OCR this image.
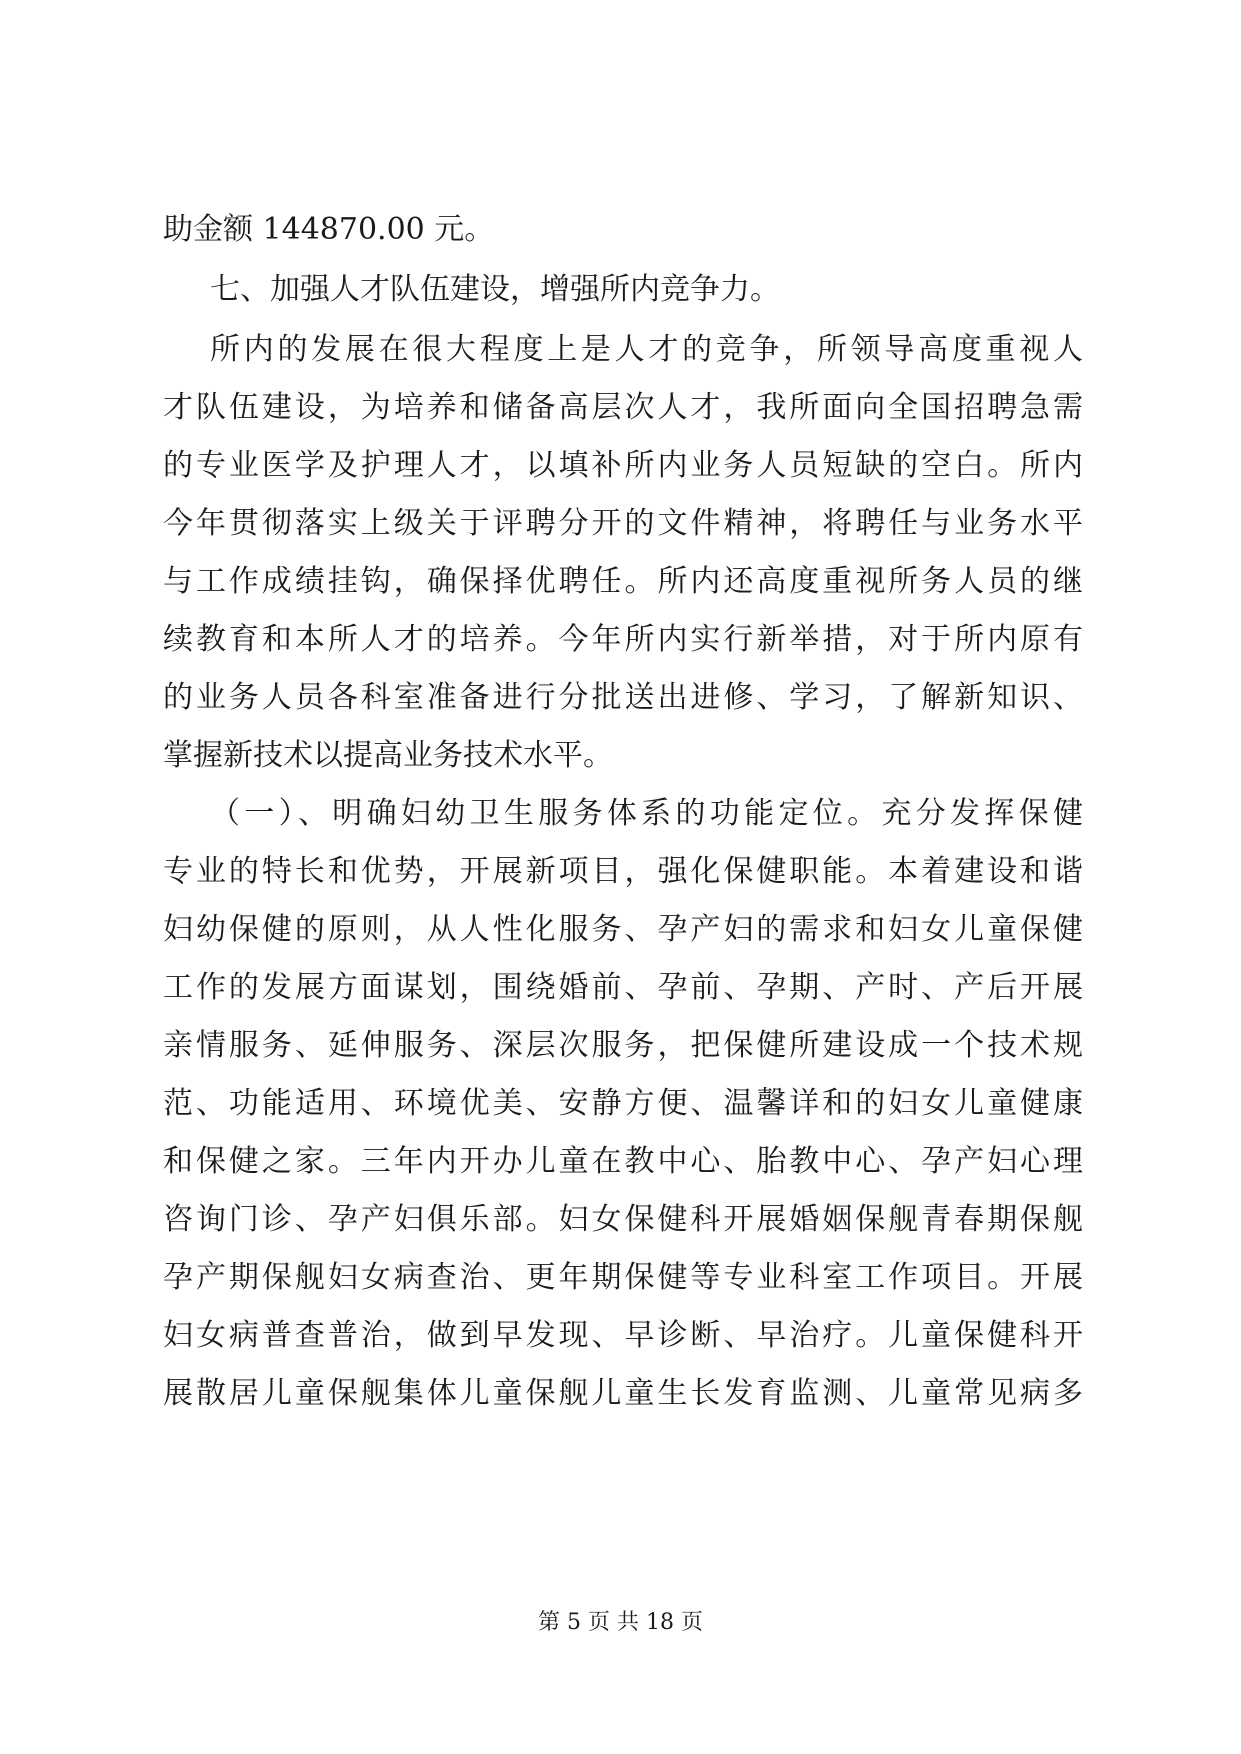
助金额 144870.00 元。
七、加强人才队伍建设，增强所内竞争力。
所内的发展在很大程度上是人才的竞争，所领导高度重视人
才队伍建设，为培养和储备高层次人才，我所面向全国招聘急需
的专业医学及护理人才，以填补所内业务人员短缺的空白。所内
今年贯彻落实上级关于评聘分开的文件精神，将聘任与业务水平
与工作成绩挂钩，确保择优聘任。所内还高度重视所务人员的继
续教育和本所人才的培养。今年所内实行新举措，对于所内原有
的业务人员各科室准备进行分批送出进修、学习，了解新知识、
掌握新技术以提高业务技术水平。
（一）、明确妇幼卫生服务体系的功能定位。充分发挥保健
专业的特长和优势，开展新项目，强化保健职能。本着建设和谐
妇幼保健的原则，从人性化服务、孕产妇的需求和妇女儿童保健
工作的发展方面谋划，围绕婚前、孕前、孕期、产时、产后开展
亲情服务、延伸服务、深层次服务，把保健所建设成一个技术规
范、功能适用、环境优美、安静方便、温馨详和的妇女儿童健康
和保健之家。三年内开办儿童在教中心、胎教中心、孕产妇心理
咨询门诊、孕产妇俱乐部。妇女保健科开展婚姻保舰青春期保舰
孕产期保舰妇女病查治、更年期保健等专业科室工作项目。开展
妇女病普查普治，做到早发现、早诊断、早治疗。儿童保健科开
展散居儿童保舰集体儿童保舰儿童生长发育监测、儿童常见病多
第 5 页 共 18 页
